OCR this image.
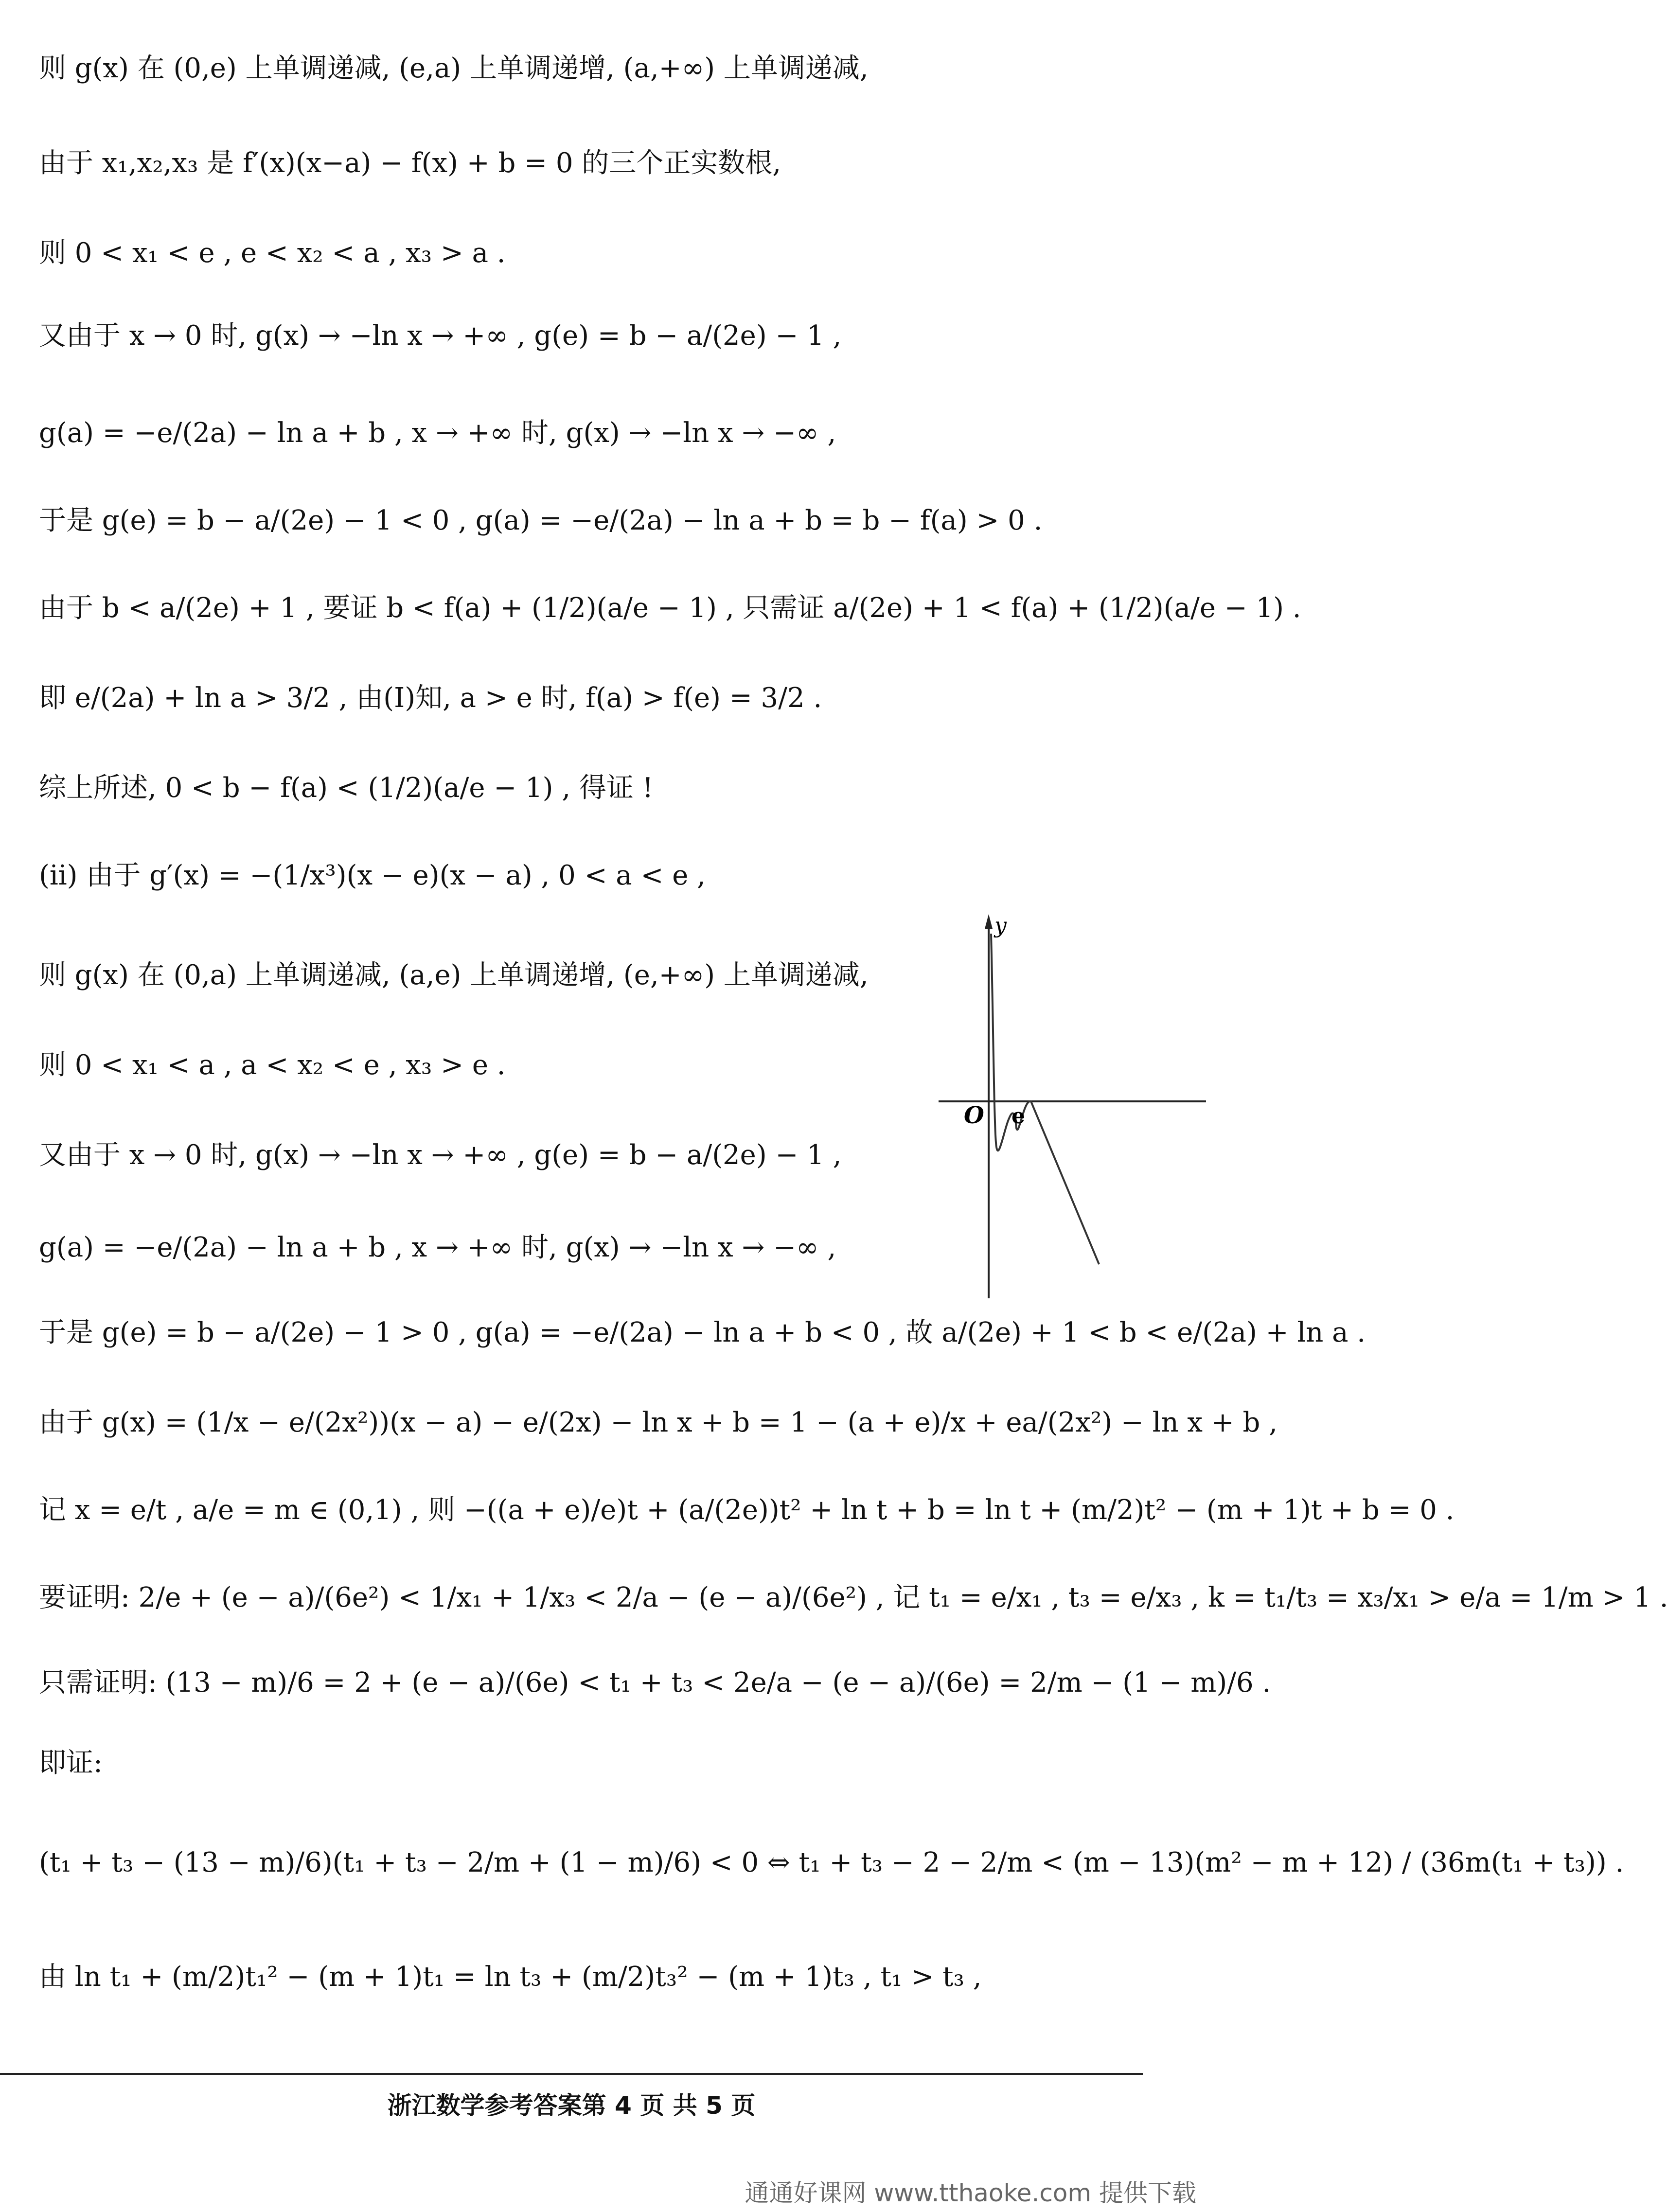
则 g(x) 在 (0,e) 上单调递减, (e,a) 上单调递增, (a,+∞) 上单调递减,
由于 x₁,x₂,x₃ 是 f′(x)(x−a) − f(x) + b = 0 的三个正实数根,
则 0 < x₁ < e , e < x₂ < a , x₃ > a .
又由于 x → 0 时, g(x) → −ln x → +∞ , g(e) = b − a/(2e) − 1 ,
g(a) = −e/(2a) − ln a + b , x → +∞ 时, g(x) → −ln x → −∞ ,
于是 g(e) = b − a/(2e) − 1 < 0 , g(a) = −e/(2a) − ln a + b = b − f(a) > 0 .
由于 b < a/(2e) + 1 , 要证 b < f(a) + (1/2)(a/e − 1) , 只需证 a/(2e) + 1 < f(a) + (1/2)(a/e − 1) .
即 e/(2a) + ln a > 3/2 , 由(Ⅰ)知, a > e 时, f(a) > f(e) = 3/2 .
综上所述, 0 < b − f(a) < (1/2)(a/e − 1) , 得证 !
(ⅱ) 由于 g′(x) = −(1/x³)(x − e)(x − a) , 0 < a < e ,
则 g(x) 在 (0,a) 上单调递减, (a,e) 上单调递增, (e,+∞) 上单调递减,
则 0 < x₁ < a , a < x₂ < e , x₃ > e .
又由于 x → 0 时, g(x) → −ln x → +∞ , g(e) = b − a/(2e) − 1 ,
g(a) = −e/(2a) − ln a + b , x → +∞ 时, g(x) → −ln x → −∞ ,
于是 g(e) = b − a/(2e) − 1 > 0 , g(a) = −e/(2a) − ln a + b < 0 , 故 a/(2e) + 1 < b < e/(2a) + ln a .
由于 g(x) = (1/x − e/(2x²))(x − a) − e/(2x) − ln x + b = 1 − (a + e)/x + ea/(2x²) − ln x + b ,
记 x = e/t , a/e = m ∈ (0,1) , 则 −((a + e)/e)t + (a/(2e))t² + ln t + b = ln t + (m/2)t² − (m + 1)t + b = 0 .
要证明: 2/e + (e − a)/(6e²) < 1/x₁ + 1/x₃ < 2/a − (e − a)/(6e²) , 记 t₁ = e/x₁ , t₃ = e/x₃ , k = t₁/t₃ = x₃/x₁ > e/a = 1/m > 1 .
只需证明: (13 − m)/6 = 2 + (e − a)/(6e) < t₁ + t₃ < 2e/a − (e − a)/(6e) = 2/m − (1 − m)/6 .
即证:
(t₁ + t₃ − (13 − m)/6)(t₁ + t₃ − 2/m + (1 − m)/6) < 0 ⇔ t₁ + t₃ − 2 − 2/m < (m − 13)(m² − m + 12) / (36m(t₁ + t₃)) .
由 ln t₁ + (m/2)t₁² − (m + 1)t₁ = ln t₃ + (m/2)t₃² − (m + 1)t₃ , t₁ > t₃ ,
y
O e
浙江数学参考答案第 4 页 共 5 页
通通好课网 www.tthaoke.com 提供下载
